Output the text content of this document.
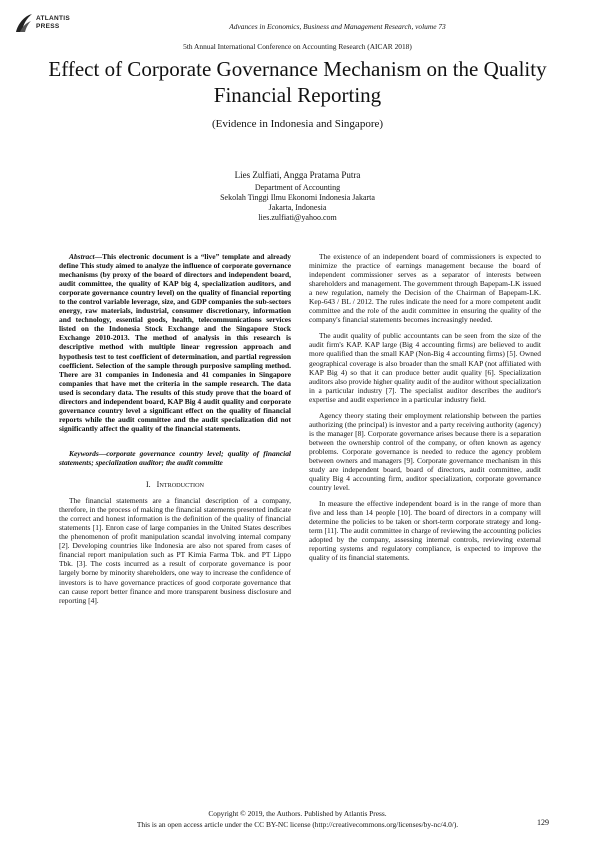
ATLANTIS
PRESS	Advances in Economics, Business and Management Research, volume 73
5th Annual International Conference on Accounting Research (AICAR 2018)
Effect of Corporate Governance Mechanism on the Quality Financial Reporting
(Evidence in Indonesia and Singapore)
Lies Zulfiati, Angga Pratama Putra
Department of Accounting
Sekolah Tinggi Ilmu Ekonomi Indonesia Jakarta
Jakarta, Indonesia
lies.zulfiati@yahoo.com

Abstract—This electronic document is a “live” template and already define This study aimed to analyze the influence of corporate governance mechanisms (by proxy of the board of directors and independent board, audit committee, the quality of KAP big 4, specialization auditors, and corporate governance country level) on the quality of financial reporting to the control variable leverage, size, and GDP companies the sub-sectors energy, raw materials, industrial, consumer discretionary, information and technology, essential goods, health, telecommunications services listed on the Indonesia Stock Exchange and the Singapore Stock Exchange 2010-2013. The method of analysis in this research is descriptive method with multiple linear regression approach and hypothesis test to test coefficient of determination, and partial regression coefficient. Selection of the sample through purposive sampling method. There are 31 companies in Indonesia and 41 companies in Singapore companies that have met the criteria in the sample research. The data used is secondary data. The results of this study prove that the board of directors and independent board, KAP Big 4 audit quality and corporate governance country level a significant effect on the quality of financial reports while the audit committee and the audit specialization did not significantly affect the quality of the financial statements.

Keywords—corporate governance country level; quality of financial statements; specialization auditor; the audit committe

I. INTRODUCTION

The financial statements are a financial description of a company, therefore, in the process of making the financial statements presented indicate the correct and honest information is the definition of the quality of financial statements [1]. Enron case of large companies in the United States describes the phenomenon of profit manipulation scandal involving internal company [2]. Developing countries like Indonesia are also not spared from cases of financial report manipulation such as PT Kimia Farma Tbk. and PT Lippo Tbk. [3]. The costs incurred as a result of corporate governance is poor largely borne by minority shareholders, one way to increase the confidence of investors is to have governance practices of good corporate governance that can cause report better finance and more transparent business disclosure and reporting [4].

The existence of an independent board of commissioners is expected to minimize the practice of earnings management because the board of independent commissioner serves as a separator of interests between shareholders and management. The government through Bapepam-LK issued a new regulation, namely the Decision of the Chairman of Bapepam-LK. Kep-643 / BL / 2012. The rules indicate the need for a more competent audit committee and the role of the audit committee in ensuring the quality of the company's financial statements becomes increasingly needed.

The audit quality of public accountants can be seen from the size of the audit firm's KAP. KAP large (Big 4 accounting firms) are believed to audit more qualified than the small KAP (Non-Big 4 accounting firms) [5]. Owned geographical coverage is also broader than the small KAP (not affiliated with KAP Big 4) so that it can produce better audit quality [6]. Specialization auditors also provide higher quality audit of the auditor without specialization in a particular industry [7]. The specialist auditor describes the auditor's expertise and audit experience in a particular industry field.

Agency theory stating their employment relationship between the parties authorizing (the principal) is investor and a party receiving authority (agency) is the manager [8]. Corporate governance arises because there is a separation between the ownership control of the company, or often known as agency problems. Corporate governance is needed to reduce the agency problem between owners and managers [9]. Corporate governance mechanism in this study are independent board, board of directors, audit committee, audit quality Big 4 accounting firm, auditor specialization, corporate governance country level.

In measure the effective independent board is in the range of more than five and less than 14 people [10]. The board of directors in a company will determine the policies to be taken or short-term corporate strategy and long-term [11]. The audit committee in charge of reviewing the accounting policies adopted by the company, assessing internal controls, reviewing external reporting systems and regulatory compliance, is expected to improve the quality of its financial statements.

Copyright © 2019, the Authors. Published by Atlantis Press.
This is an open access article under the CC BY-NC license (http://creativecommons.org/licenses/by-nc/4.0/).	129
